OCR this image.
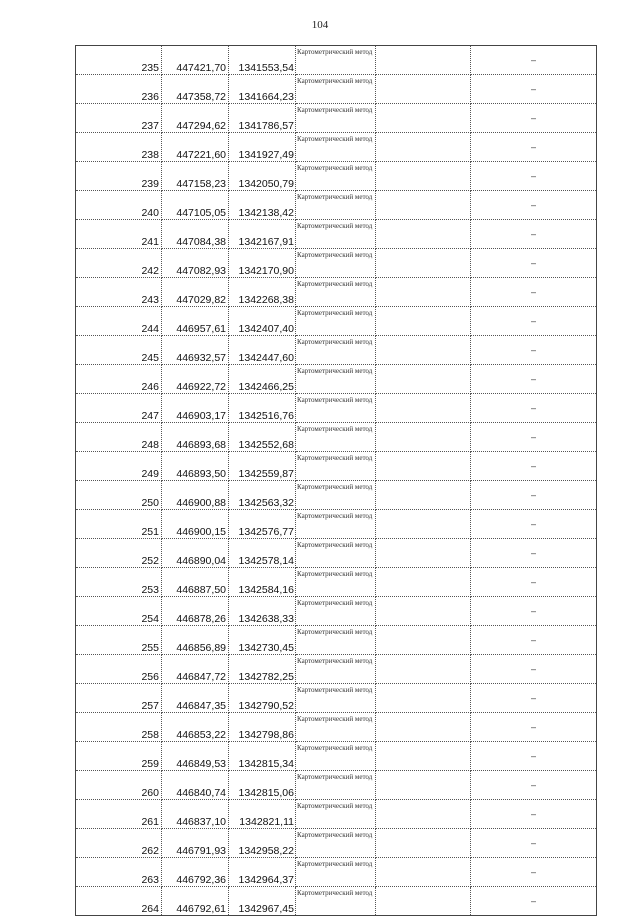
104
235	447421,70	1341553,54	Картометрический метод		–
236	447358,72	1341664,23	Картометрический метод		–
237	447294,62	1341786,57	Картометрический метод		–
238	447221,60	1341927,49	Картометрический метод		–
239	447158,23	1342050,79	Картометрический метод		–
240	447105,05	1342138,42	Картометрический метод		–
241	447084,38	1342167,91	Картометрический метод		–
242	447082,93	1342170,90	Картометрический метод		–
243	447029,82	1342268,38	Картометрический метод		–
244	446957,61	1342407,40	Картометрический метод		–
245	446932,57	1342447,60	Картометрический метод		–
246	446922,72	1342466,25	Картометрический метод		–
247	446903,17	1342516,76	Картометрический метод		–
248	446893,68	1342552,68	Картометрический метод		–
249	446893,50	1342559,87	Картометрический метод		–
250	446900,88	1342563,32	Картометрический метод		–
251	446900,15	1342576,77	Картометрический метод		–
252	446890,04	1342578,14	Картометрический метод		–
253	446887,50	1342584,16	Картометрический метод		–
254	446878,26	1342638,33	Картометрический метод		–
255	446856,89	1342730,45	Картометрический метод		–
256	446847,72	1342782,25	Картометрический метод		–
257	446847,35	1342790,52	Картометрический метод		–
258	446853,22	1342798,86	Картометрический метод		–
259	446849,53	1342815,34	Картометрический метод		–
260	446840,74	1342815,06	Картометрический метод		–
261	446837,10	1342821,11	Картометрический метод		–
262	446791,93	1342958,22	Картометрический метод		–
263	446792,36	1342964,37	Картометрический метод		–
264	446792,61	1342967,45	Картометрический метод		–
